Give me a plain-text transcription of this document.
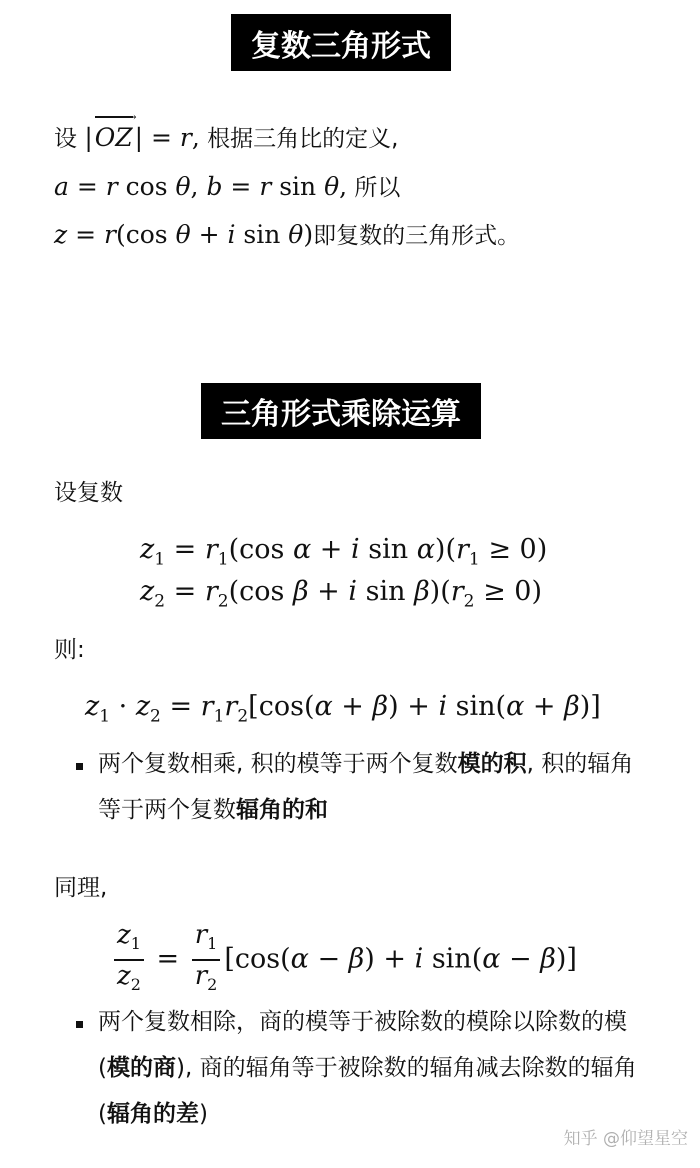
复数三角形式
设 |
⟶
OZ| = r, 根据三角比的定义,
a = r cos θ, b = r sin θ, 所以
z = r(cos θ + i sin θ)即复数的三角形式。
三角形式乘除运算
设复数
$z_1 = r_1(\cos$ α + i $\sin \alpha)(r_1 \ge 0)$
$z_2 = r_2(\cos$ β + i $\sin \beta)(r_2 \ge 0)$
则:
$z_1 \cdot z_2 = r_1r_2[\cos(\alpha + \beta) + i$ sin(α + β)]
两个复数相乘, 积的模等于两个复数模的积, 积的辐角等于两个复数辐角的和
同理,
$\frac{z_1}{z_2} = \frac{r_1}{r_2} [\cos(\alpha - \beta) + i$ sin(α − β)]
两个复数相除，商的模等于被除数的模除以除数的模 (模的商), 商的辐角等于被除数的辐角减去除数的辐角 (辐角的差)
知乎 @仰望星空
